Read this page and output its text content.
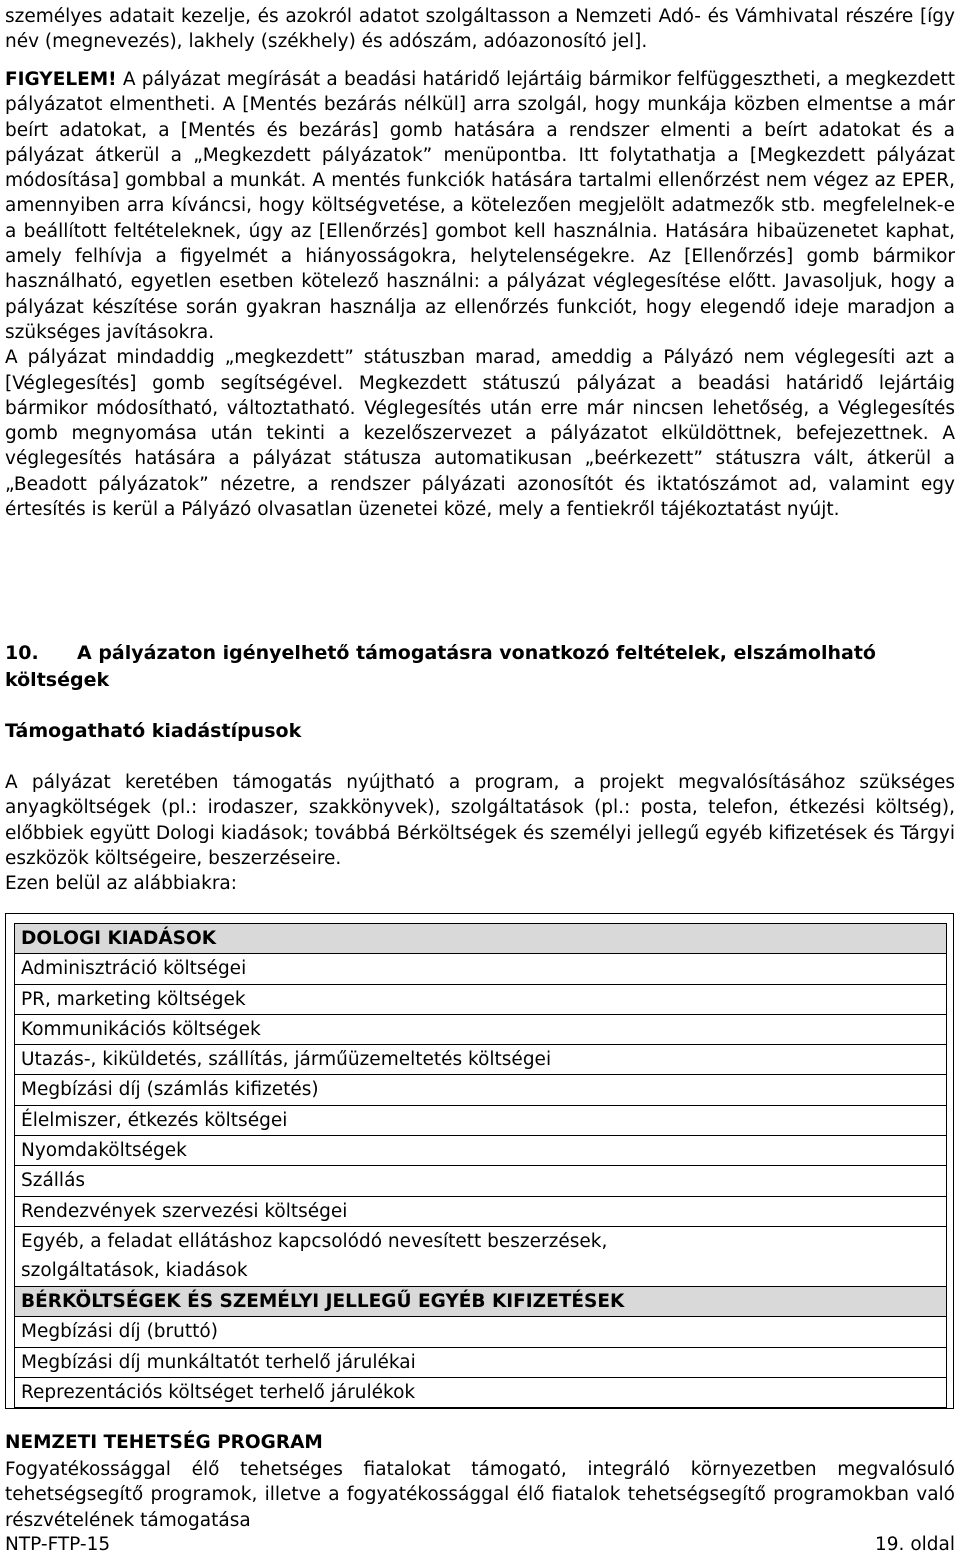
személyes adatait kezelje, és azokról adatot szolgáltasson a Nemzeti Adó- és Vámhivatal részére [így név (megnevezés), lakhely (székhely) és adószám, adóazonosító jel].

FIGYELEM! A pályázat megírását a beadási határidő lejártáig bármikor felfüggesztheti, a megkezdett pályázatot elmentheti. A [Mentés bezárás nélkül] arra szolgál, hogy munkája közben elmentse a már beírt adatokat, a [Mentés és bezárás] gomb hatására a rendszer elmenti a beírt adatokat és a pályázat átkerül a „Megkezdett pályázatok” menüpontba. Itt folytathatja a [Megkezdett pályázat módosítása] gombbal a munkát. A mentés funkciók hatására tartalmi ellenőrzést nem végez az EPER, amennyiben arra kíváncsi, hogy költségvetése, a kötelezően megjelölt adatmezők stb. megfelelnek-e a beállított feltételeknek, úgy az [Ellenőrzés] gombot kell használnia. Hatására hibaüzenetet kaphat, amely felhívja a figyelmét a hiányosságokra, helytelenségekre. Az [Ellenőrzés] gomb bármikor használható, egyetlen esetben kötelező használni: a pályázat véglegesítése előtt. Javasoljuk, hogy a pályázat készítése során gyakran használja az ellenőrzés funkciót, hogy elegendő ideje maradjon a szükséges javításokra.

A pályázat mindaddig „megkezdett” státuszban marad, ameddig a Pályázó nem véglegesíti azt a [Véglegesítés] gomb segítségével. Megkezdett státuszú pályázat a beadási határidő lejártáig bármikor módosítható, változtatható. Véglegesítés után erre már nincsen lehetőség, a Véglegesítés gomb megnyomása után tekinti a kezelőszervezet a pályázatot elküldöttnek, befejezettnek. A véglegesítés hatására a pályázat státusza automatikusan „beérkezett” státuszra vált, átkerül a „Beadott pályázatok” nézetre, a rendszer pályázati azonosítót és iktatószámot ad, valamint egy értesítés is kerül a Pályázó olvasatlan üzenetei közé, mely a fentiekről tájékoztatást nyújt.

10. A pályázaton igényelhető támogatásra vonatkozó feltételek, elszámolható költségek
Támogatható kiadástípusok

A pályázat keretében támogatás nyújtható a program, a projekt megvalósításához szükséges anyagköltségek (pl.: irodaszer, szakkönyvek), szolgáltatások (pl.: posta, telefon, étkezési költség), előbbiek együtt Dologi kiadások; továbbá Bérköltségek és személyi jellegű egyéb kifizetések és Tárgyi eszközök költségeire, beszerzéseire.

Ezen belül az alábbiakra:

DOLOGI KIADÁSOK
Adminisztráció költségei
PR, marketing költségek
Kommunikációs költségek
Utazás-, kiküldetés, szállítás, járműüzemeltetés költségei
Megbízási díj (számlás kifizetés)
Élelmiszer, étkezés költségei
Nyomdaköltségek
Szállás
Rendezvények szervezési költségei
Egyéb, a feladat ellátáshoz kapcsolódó nevesített beszerzések,
szolgáltatások, kiadások
BÉRKÖLTSÉGEK ÉS SZEMÉLYI JELLEGŰ EGYÉB KIFIZETÉSEK
Megbízási díj (bruttó)
Megbízási díj munkáltatót terhelő járulékai
Reprezentációs költséget terhelő járulékok
NEMZETI TEHETSÉG PROGRAM

Fogyatékossággal élő tehetséges fiatalokat támogató, integráló környezetben megvalósuló tehetségsegítő programok, illetve a fogyatékossággal élő fiatalok tehetségsegítő programokban való részvételének támogatása

NTP-FTP-15	19. oldal
